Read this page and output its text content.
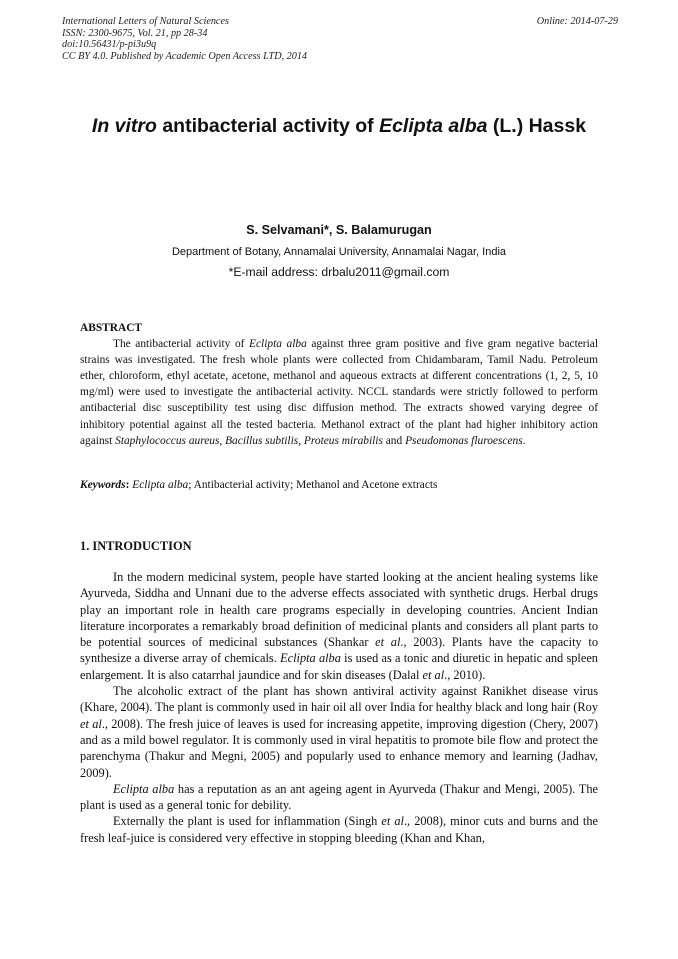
International Letters of Natural Sciences
ISSN: 2300-9675, Vol. 21, pp 28-34
doi:10.56431/p-pi3u9q
CC BY 4.0. Published by Academic Open Access LTD, 2014
Online: 2014-07-29
In vitro antibacterial activity of Eclipta alba (L.) Hassk
S. Selvamani*, S. Balamurugan
Department of Botany, Annamalai University, Annamalai Nagar, India
*E-mail address: drbalu2011@gmail.com
ABSTRACT

The antibacterial activity of Eclipta alba against three gram positive and five gram negative bacterial strains was investigated. The fresh whole plants were collected from Chidambaram, Tamil Nadu. Petroleum ether, chloroform, ethyl acetate, acetone, methanol and aqueous extracts at different concentrations (1, 2, 5, 10 mg/ml) were used to investigate the antibacterial activity. NCCL standards were strictly followed to perform antibacterial disc susceptibility test using disc diffusion method. The extracts showed varying degree of inhibitory potential against all the tested bacteria. Methanol extract of the plant had higher inhibitory action against Staphylococcus aureus, Bacillus subtilis, Proteus mirabilis and Pseudomonas fluroescens.

Keywords: Eclipta alba; Antibacterial activity; Methanol and Acetone extracts
1. INTRODUCTION

In the modern medicinal system, people have started looking at the ancient healing systems like Ayurveda, Siddha and Unnani due to the adverse effects associated with synthetic drugs. Herbal drugs play an important role in health care programs especially in developing countries. Ancient Indian literature incorporates a remarkably broad definition of medicinal plants and considers all plant parts to be potential sources of medicinal substances (Shankar et al., 2003). Plants have the capacity to synthesize a diverse array of chemicals. Eclipta alba is used as a tonic and diuretic in hepatic and spleen enlargement. It is also catarrhal jaundice and for skin diseases (Dalal et al., 2010).

The alcoholic extract of the plant has shown antiviral activity against Ranikhet disease virus (Khare, 2004). The plant is commonly used in hair oil all over India for healthy black and long hair (Roy et al., 2008). The fresh juice of leaves is used for increasing appetite, improving digestion (Chery, 2007) and as a mild bowel regulator. It is commonly used in viral hepatitis to promote bile flow and protect the parenchyma (Thakur and Megni, 2005) and popularly used to enhance memory and learning (Jadhav, 2009).

Eclipta alba has a reputation as an ant ageing agent in Ayurveda (Thakur and Mengi, 2005). The plant is used as a general tonic for debility.

Externally the plant is used for inflammation (Singh et al., 2008), minor cuts and burns and the fresh leaf-juice is considered very effective in stopping bleeding (Khan and Khan,
